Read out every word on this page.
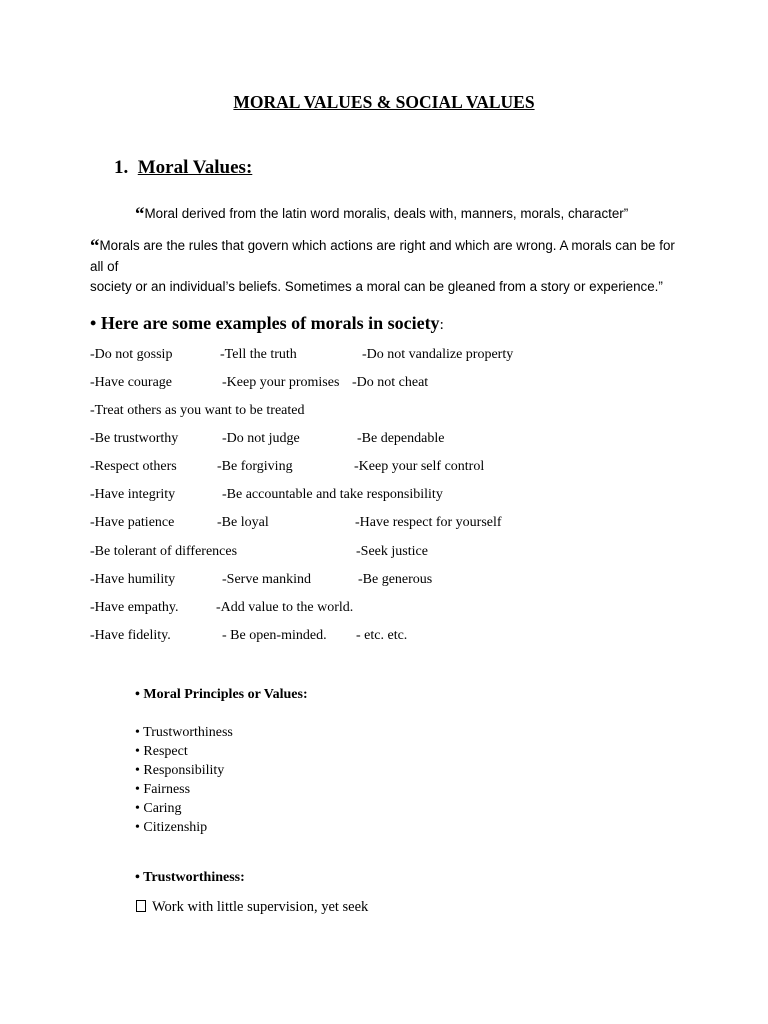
MORAL VALUES & SOCIAL VALUES
1. Moral Values:
“Moral derived from the latin word moralis, deals with, manners, morals, character”
“Morals are the rules that govern which actions are right and which are wrong. A morals can be for all of
society or an individual’s beliefs. Sometimes a moral can be gleaned from a story or experience.”
• Here are some examples of morals in society:
-Do not gossip	-Tell the truth	-Do not vandalize property
-Have courage	-Keep your promises -Do not cheat
-Treat others as you want to be treated
-Be trustworthy	-Do not judge	-Be dependable
-Respect others	-Be forgiving	-Keep your self control
-Have integrity	-Be accountable and take responsibility
-Have patience	-Be loyal	-Have respect for yourself
-Be tolerant of differences	-Seek justice
-Have humility	-Serve mankind	-Be generous
-Have empathy.	-Add value to the world.
-Have fidelity.	- Be open-minded. - etc. etc.
• Moral Principles or Values:
• Trustworthiness
• Respect
• Responsibility
• Fairness
• Caring
• Citizenship
• Trustworthiness:
Work with little supervision, yet seek
